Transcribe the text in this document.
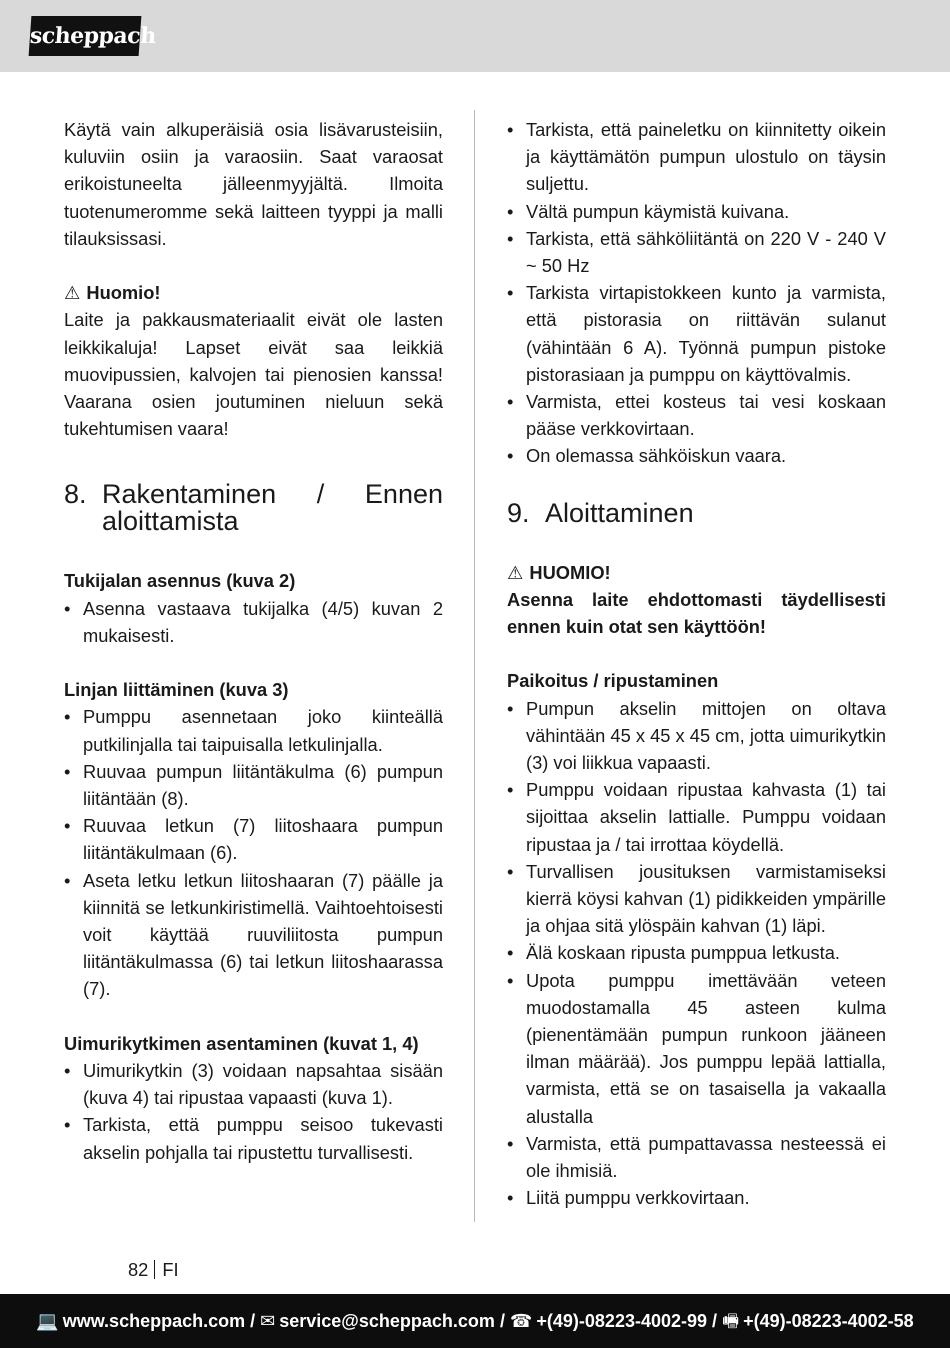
scheppach

Käytä vain alkuperäisiä osia lisävarusteisiin, kuluviin osiin ja varaosiin. Saat varaosat erikoistuneelta jälleenmyyjältä. Ilmoita tuotenumeromme sekä laitteen tyyppi ja malli tilauksissasi.

⚠ Huomio!

Laite ja pakkausmateriaalit eivät ole lasten leikkikaluja! Lapset eivät saa leikkiä muovipussien, kalvojen tai pienosien kanssa! Vaarana osien joutuminen nieluun sekä tukehtumisen vaara!

8. Rakentaminen / Ennen
aloittamista
Tukijalan asennus (kuva 2)
• Asenna vastaava tukijalka (4/5) kuvan 2 mukaisesti.
Linjan liittäminen (kuva 3)
• Pumppu asennetaan joko kiinteällä putkilinjalla tai taipuisalla letkulinjalla.
• Ruuvaa pumpun liitäntäkulma (6) pumpun liitäntään (8).
• Ruuvaa letkun (7) liitoshaara pumpun liitäntäkulmaan (6).
• Aseta letku letkun liitoshaaran (7) päälle ja kiinnitä se letkunkiristimellä. Vaihtoehtoisesti voit käyttää ruuviliitosta pumpun liitäntäkulmassa (6) tai letkun liitoshaarassa (7).
Uimurikytkimen asentaminen (kuvat 1, 4)
• Uimurikytkin (3) voidaan napsahtaa sisään (kuva 4) tai ripustaa vapaasti (kuva 1).
• Tarkista, että pumppu seisoo tukevasti akselin pohjalla tai ripustettu turvallisesti.
• Tarkista, että paineletku on kiinnitetty oikein ja käyttämätön pumpun ulostulo on täysin suljettu.
• Vältä pumpun käymistä kuivana.
• Tarkista, että sähköliitäntä on 220 V - 240 V ~ 50 Hz
• Tarkista virtapistokkeen kunto ja varmista, että pistorasia on riittävän sulanut (vähintään 6 A). Työnnä pumpun pistoke pistorasiaan ja pumppu on käyttövalmis.
• Varmista, ettei kosteus tai vesi koskaan pääse verkkovirtaan.
• On olemassa sähköiskun vaara.
9. Aloittaminen
⚠ HUOMIO!

Asenna laite ehdottomasti täydellisesti ennen kuin otat sen käyttöön!

Paikoitus / ripustaminen
• Pumpun akselin mittojen on oltava vähintään 45 x 45 x 45 cm, jotta uimurikytkin (3) voi liikkua vapaasti.
• Pumppu voidaan ripustaa kahvasta (1) tai sijoittaa akselin lattialle. Pumppu voidaan ripustaa ja / tai irrottaa köydellä.
• Turvallisen jousituksen varmistamiseksi kierrä köysi kahvan (1) pidikkeiden ympärille ja ohjaa sitä ylöspäin kahvan (1) läpi.
• Älä koskaan ripusta pumppua letkusta.
• Upota pumppu imettävään veteen muodostamalla 45 asteen kulma (pienentämään pumpun runkoon jääneen ilman määrää). Jos pumppu lepää lattialla, varmista, että se on tasaisella ja vakaalla alustalla
• Varmista, että pumpattavassa nesteessä ei ole ihmisiä.
• Liitä pumppu verkkovirtaan.
82 FI
💻 www.scheppach.com / ✉ service@scheppach.com / ☎ +(49)-08223-4002-99 / 🖷 +(49)-08223-4002-58
